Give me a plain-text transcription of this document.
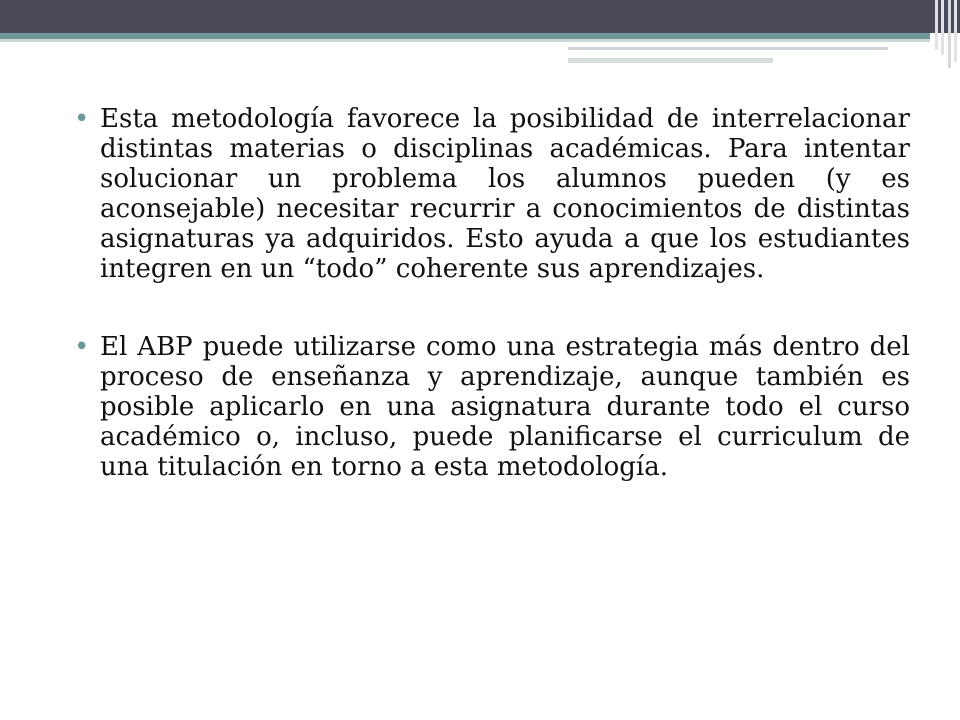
• Esta metodología favorece la posibilidad de interrelacionar distintas materias o disciplinas académicas. Para intentar solucionar un problema los alumnos pueden (y es aconsejable) necesitar recurrir a conocimientos de distintas asignaturas ya adquiridos. Esto ayuda a que los estudiantes integren en un “todo” coherente sus aprendizajes.

• El ABP puede utilizarse como una estrategia más dentro del proceso de enseñanza y aprendizaje, aunque también es posible aplicarlo en una asignatura durante todo el curso académico o, incluso, puede planificarse el curriculum de una titulación en torno a esta metodología.
